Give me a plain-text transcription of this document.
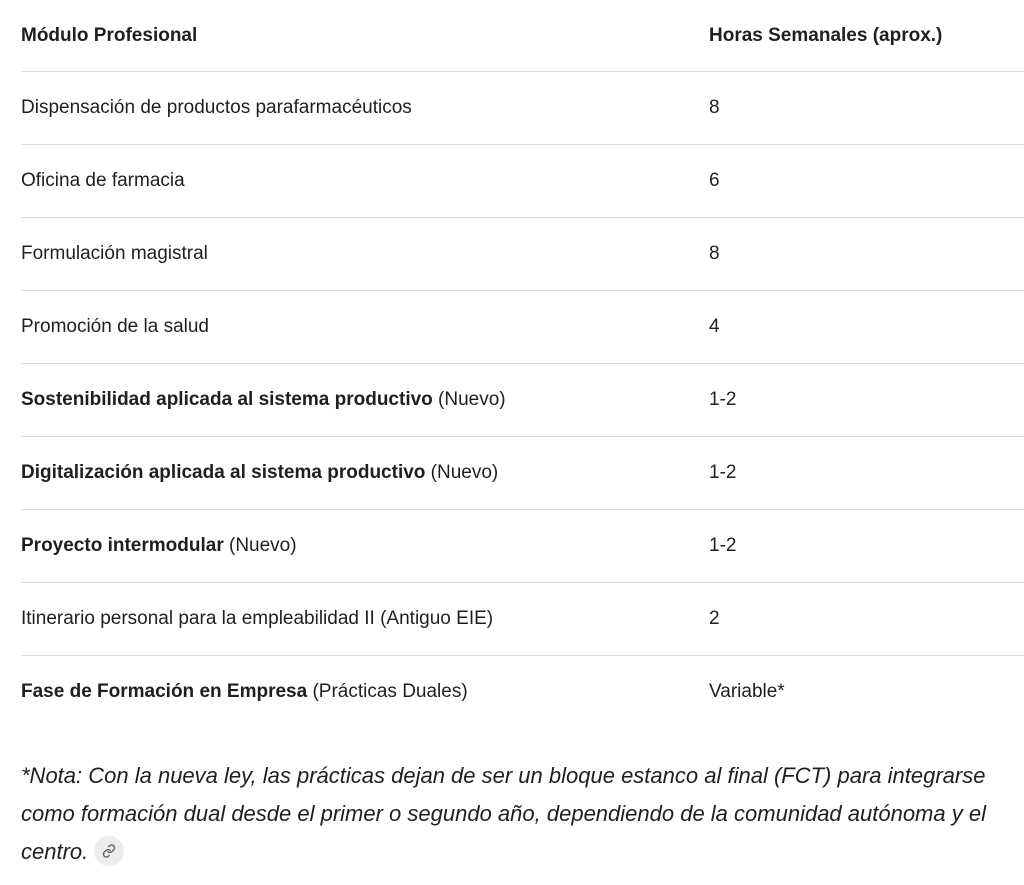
Módulo Profesional	Horas Semanales (aprox.)
Dispensación de productos parafarmacéuticos	8
Oficina de farmacia	6
Formulación magistral	8
Promoción de la salud	4
Sostenibilidad aplicada al sistema productivo (Nuevo)	1-2
Digitalización aplicada al sistema productivo (Nuevo)	1-2
Proyecto intermodular (Nuevo)	1-2
Itinerario personal para la empleabilidad II (Antiguo EIE)	2
Fase de Formación en Empresa (Prácticas Duales)	Variable*

*Nota: Con la nueva ley, las prácticas dejan de ser un bloque estanco al final (FCT) para integrarse como formación dual desde el primer o segundo año, dependiendo de la comunidad autónoma y el centro.
